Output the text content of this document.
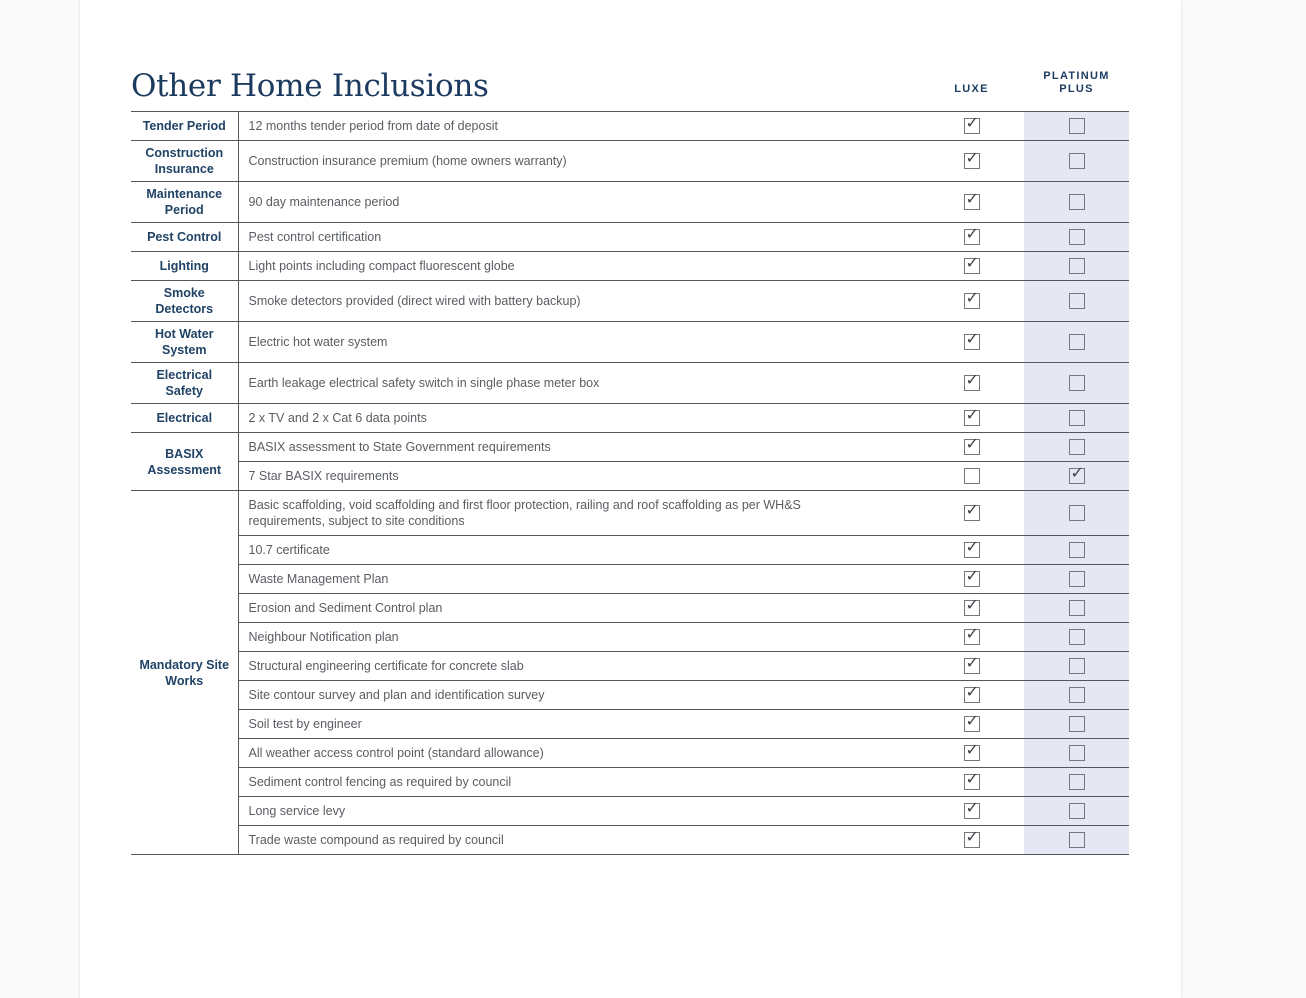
Other Home Inclusions		LUXE	PLATINUM PLUS
Tender Period	12 months tender period from date of deposit	✓	
Construction Insurance	Construction insurance premium (home owners warranty)	✓	
Maintenance Period	90 day maintenance period	✓	
Pest Control	Pest control certification	✓	
Lighting	Light points including compact fluorescent globe	✓	
Smoke Detectors	Smoke detectors provided (direct wired with battery backup)	✓	
Hot Water System	Electric hot water system	✓	
Electrical Safety	Earth leakage electrical safety switch in single phase meter box	✓	
Electrical	2 x TV and 2 x Cat 6 data points	✓	
BASIX Assessment	BASIX assessment to State Government requirements	✓	
	7 Star BASIX requirements		✓
Mandatory Site Works	Basic scaffolding, void scaffolding and first floor protection, railing and roof scaffolding as per WH&S requirements, subject to site conditions	✓	
	10.7 certificate	✓	
	Waste Management Plan	✓	
	Erosion and Sediment Control plan	✓	
	Neighbour Notification plan	✓	
	Structural engineering certificate for concrete slab	✓	
	Site contour survey and plan and identification survey	✓	
	Soil test by engineer	✓	
	All weather access control point (standard allowance)	✓	
	Sediment control fencing as required by council	✓	
	Long service levy	✓	
	Trade waste compound as required by council	✓	
